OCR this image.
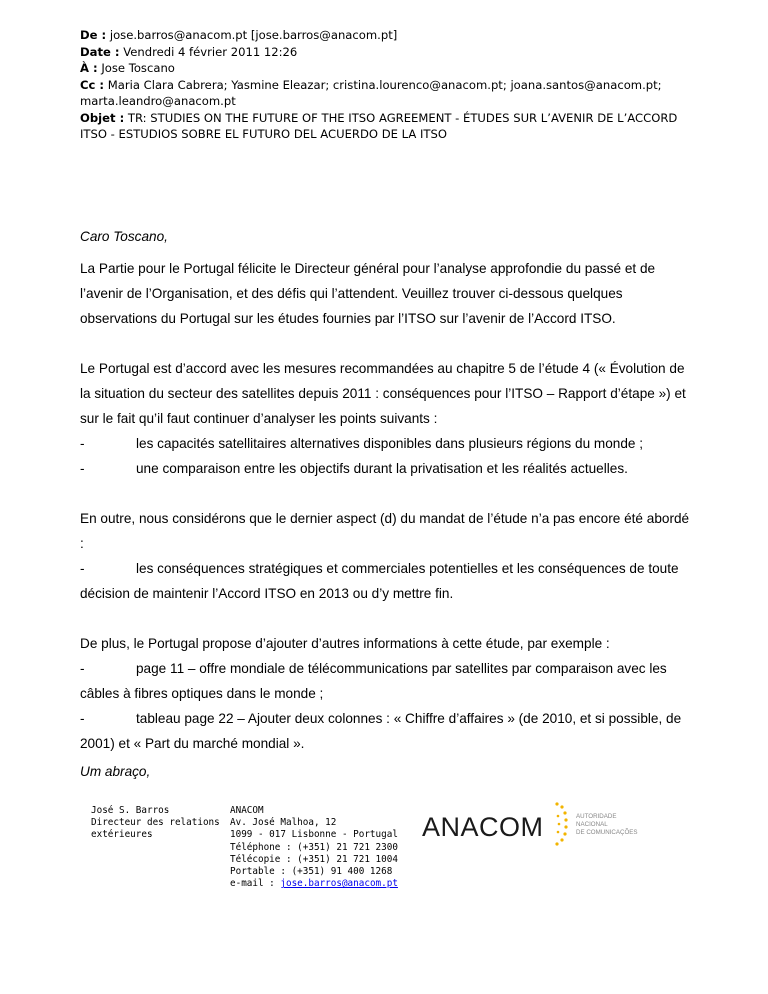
De : jose.barros@anacom.pt [jose.barros@anacom.pt]
Date : Vendredi 4 février 2011 12:26
À : Jose Toscano
Cc : Maria Clara Cabrera; Yasmine Eleazar; cristina.lourenco@anacom.pt; joana.santos@anacom.pt; marta.leandro@anacom.pt
Objet : TR: STUDIES ON THE FUTURE OF THE ITSO AGREEMENT - ÉTUDES SUR L’AVENIR DE L’ACCORD ITSO - ESTUDIOS SOBRE EL FUTURO DEL ACUERDO DE LA ITSO
Caro Toscano,

La Partie pour le Portugal félicite le Directeur général pour l’analyse approfondie du passé et de l’avenir de l’Organisation, et des défis qui l’attendent. Veuillez trouver ci-dessous quelques observations du Portugal sur les études fournies par l’ITSO sur l’avenir de l’Accord ITSO.

Le Portugal est d’accord avec les mesures recommandées au chapitre 5 de l’étude 4 (« Évolution de la situation du secteur des satellites depuis 2011 : conséquences pour l’ITSO – Rapport d’étape ») et sur le fait qu’il faut continuer d’analyser les points suivants :

-	les capacités satellitaires alternatives disponibles dans plusieurs régions du monde ;

-	une comparaison entre les objectifs durant la privatisation et les réalités actuelles.

En outre, nous considérons que le dernier aspect (d) du mandat de l’étude n’a pas encore été abordé :

-	les conséquences stratégiques et commerciales potentielles et les conséquences de toute décision de maintenir l’Accord ITSO en 2013 ou d’y mettre fin.

De plus, le Portugal propose d’ajouter d’autres informations à cette étude, par exemple :

-	page 11 – offre mondiale de télécommunications par satellites par comparaison avec les câbles à fibres optiques dans le monde ;

-	tableau page 22 – Ajouter deux colonnes : « Chiffre d’affaires » (de 2010, et si possible, de 2001) et « Part du marché mondial ».

Um abraço,
José S. Barros
Directeur des relations
extérieures
ANACOM
Av. José Malhoa, 12
1099 - 017 Lisbonne - Portugal
Téléphone : (+351) 21 721 2300
Télécopie : (+351) 21 721 1004
Portable : (+351) 91 400 1268
e-mail : jose.barros@anacom.pt
ANACOM	AUTORIDADE
NACIONAL
DE COMUNICAÇÕES
